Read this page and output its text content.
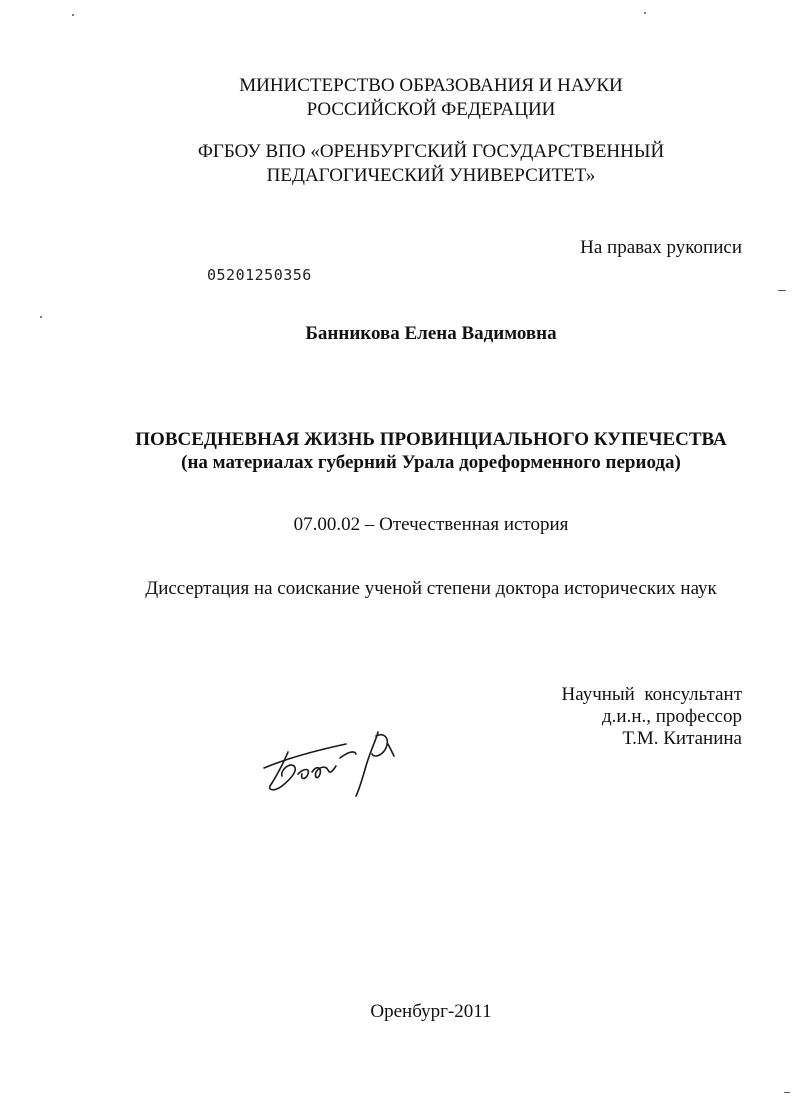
МИНИСТЕРСТВО ОБРАЗОВАНИЯ И НАУКИ
РОССИЙСКОЙ ФЕДЕРАЦИИ
ФГБОУ ВПО «ОРЕНБУРГСКИЙ ГОСУДАРСТВЕННЫЙ
ПЕДАГОГИЧЕСКИЙ УНИВЕРСИТЕТ»
На правах рукописи
05201250356
Банникова Елена Вадимовна
ПОВСЕДНЕВНАЯ ЖИЗНЬ ПРОВИНЦИАЛЬНОГО КУПЕЧЕСТВА
(на материалах губерний Урала дореформенного периода)
07.00.02 – Отечественная история
Диссертация на соискание ученой степени доктора исторических наук
Научный  консультант
д.и.н., профессор
Т.М. Китанина
Оренбург-2011
